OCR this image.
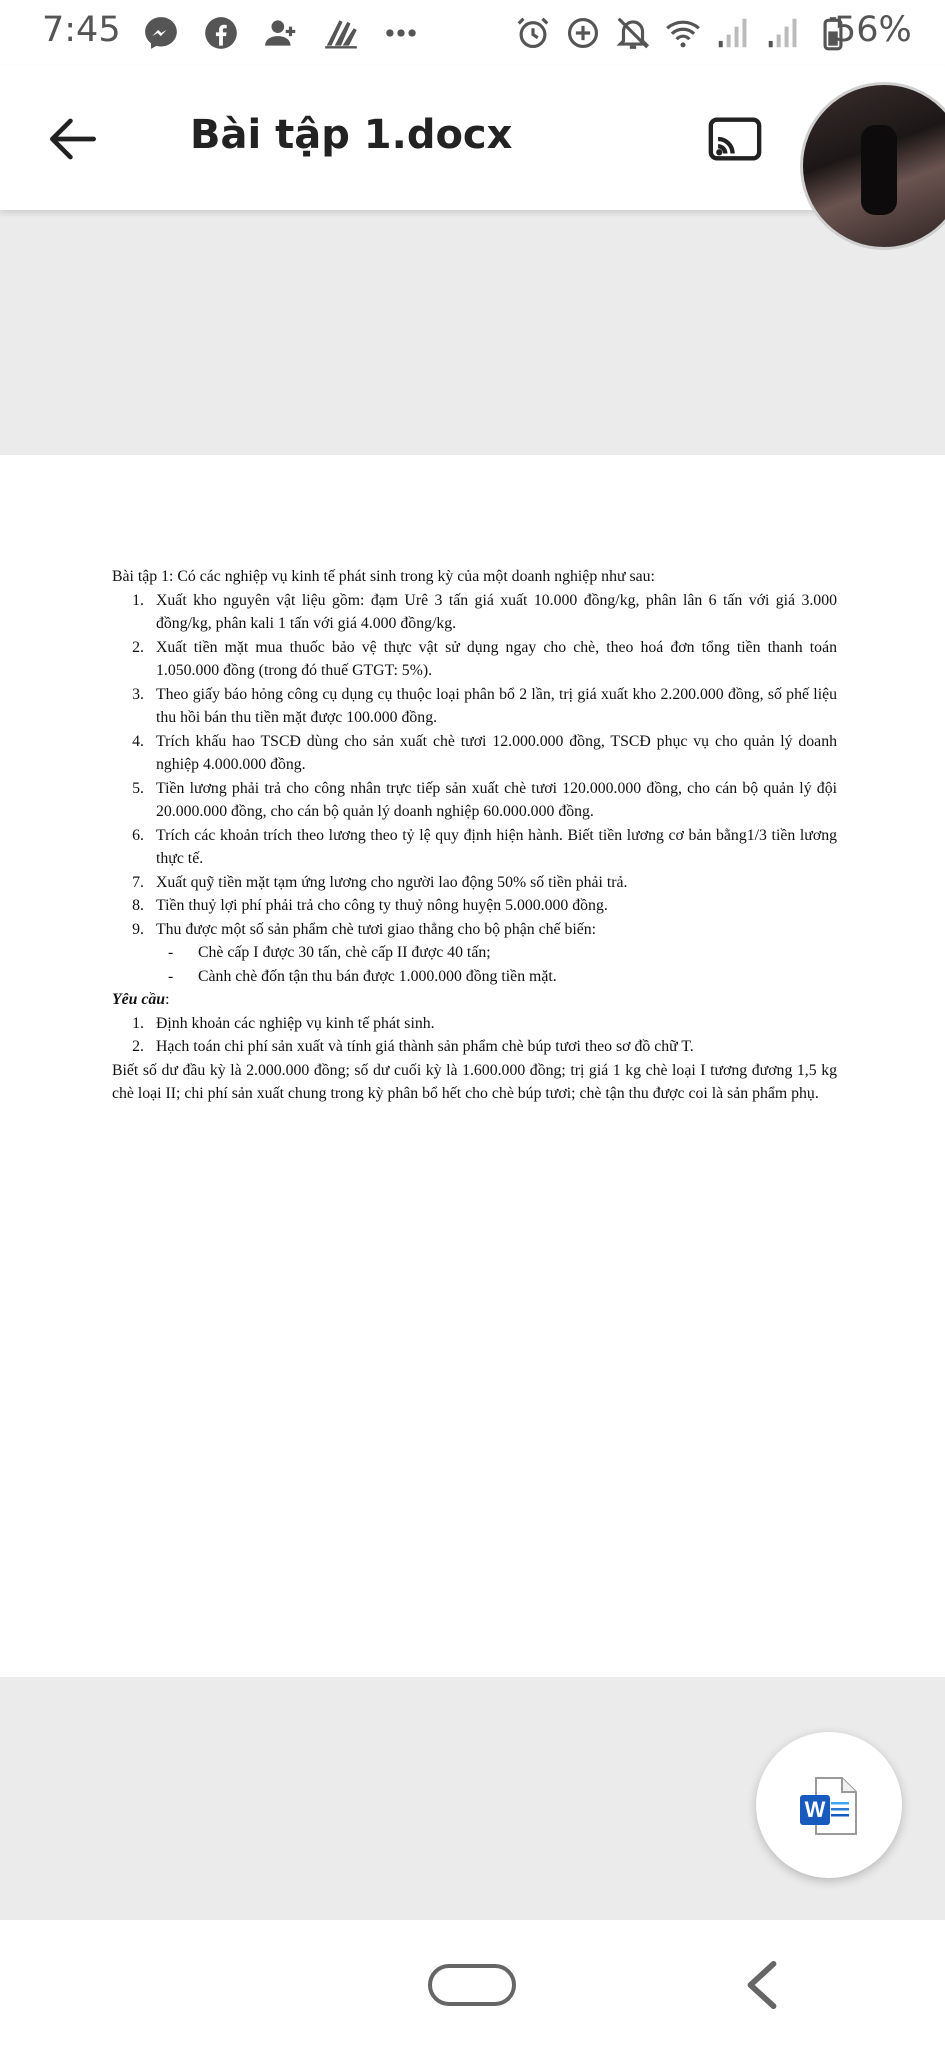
7:45	56%
Bài tập 1.docx

Bài tập 1: Có các nghiệp vụ kinh tế phát sinh trong kỳ của một doanh nghiệp như sau:

1. Xuất kho nguyên vật liệu gồm: đạm Urê 3 tấn giá xuất 10.000 đồng/kg, phân lân 6 tấn với giá 3.000 đồng/kg, phân kali 1 tấn với giá 4.000 đồng/kg.
2. Xuất tiền mặt mua thuốc bảo vệ thực vật sử dụng ngay cho chè, theo hoá đơn tổng tiền thanh toán 1.050.000 đồng (trong đó thuế GTGT: 5%).
3. Theo giấy báo hỏng công cụ dụng cụ thuộc loại phân bổ 2 lần, trị giá xuất kho 2.200.000 đồng, số phế liệu thu hồi bán thu tiền mặt được 100.000 đồng.
4. Trích khấu hao TSCĐ dùng cho sản xuất chè tươi 12.000.000 đồng, TSCĐ phục vụ cho quản lý doanh nghiệp 4.000.000 đồng.
5. Tiền lương phải trả cho công nhân trực tiếp sản xuất chè tươi 120.000.000 đồng, cho cán bộ quản lý đội 20.000.000 đồng, cho cán bộ quản lý doanh nghiệp 60.000.000 đồng.
6. Trích các khoản trích theo lương theo tỷ lệ quy định hiện hành. Biết tiền lương cơ bản bằng1/3 tiền lương thực tế.
7. Xuất quỹ tiền mặt tạm ứng lương cho người lao động 50% số tiền phải trả.
8. Tiền thuỷ lợi phí phải trả cho công ty thuỷ nông huyện 5.000.000 đồng.
9. Thu được một số sản phẩm chè tươi giao thẳng cho bộ phận chế biến:
-	Chè cấp I được 30 tấn, chè cấp II được 40 tấn;
-	Cành chè đốn tận thu bán được 1.000.000 đồng tiền mặt.

Yêu cầu:

1. Định khoản các nghiệp vụ kinh tế phát sinh.
2. Hạch toán chi phí sản xuất và tính giá thành sản phẩm chè búp tươi theo sơ đồ chữ T.

Biết số dư đầu kỳ là 2.000.000 đồng; số dư cuối kỳ là 1.600.000 đồng; trị giá 1 kg chè loại I tương đương 1,5 kg chè loại II; chi phí sản xuất chung trong kỳ phân bổ hết cho chè búp tươi; chè tận thu được coi là sản phẩm phụ.

W
